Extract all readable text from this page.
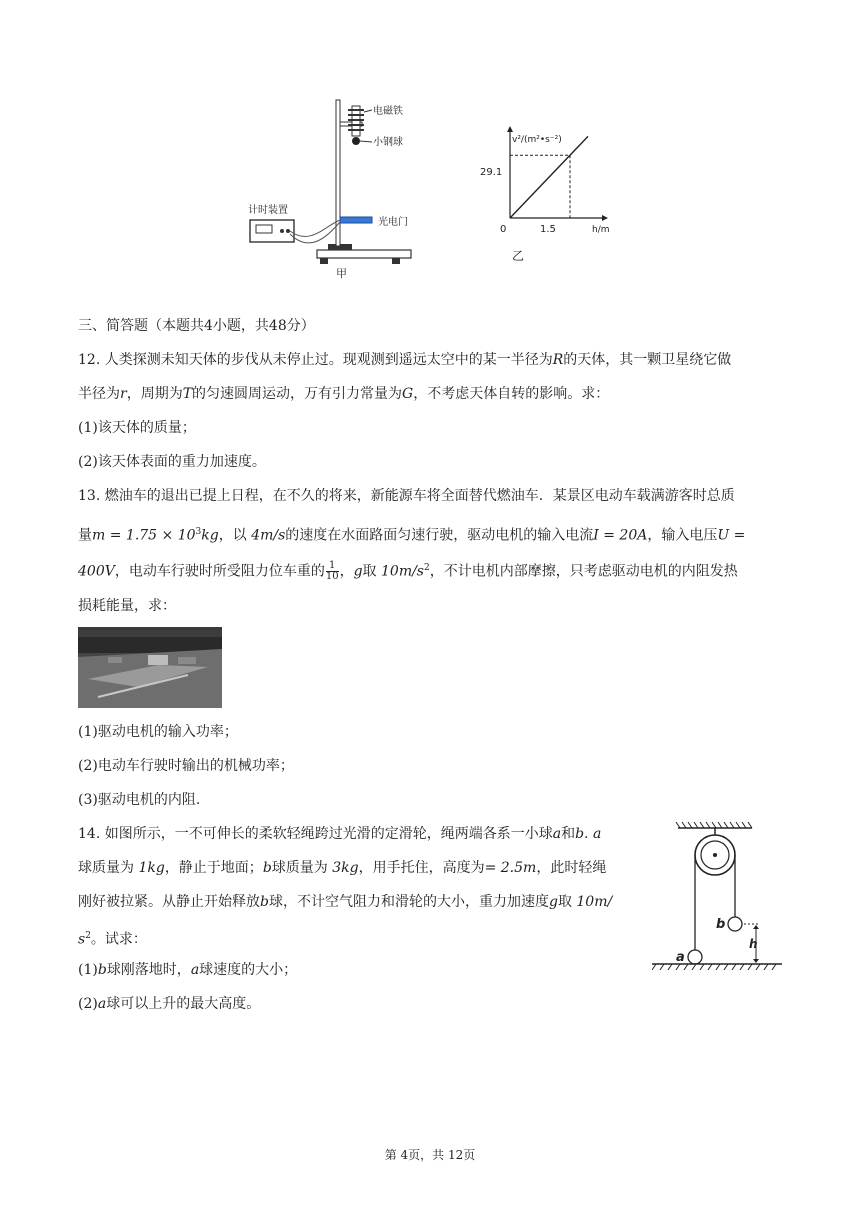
电磁铁
小钢球
光电门
计时装置
甲
v²/(m²•s⁻²)
h/m
0
29.1
1.5
乙
三、简答题（本题共4小题，共48分）
12. 人类探测未知天体的步伐从未停止过。现观测到遥远太空中的某一半径为R的天体，其一颗卫星绕它做
半径为r，周期为T的匀速圆周运动，万有引力常量为G，不考虑天体自转的影响。求：
(1)该天体的质量；
(2)该天体表面的重力加速度。
13. 燃油车的退出已提上日程，在不久的将来，新能源车将全面替代燃油车．某景区电动车载满游客时总质
量$m = 1.75 \times 10^3kg$，以 4m/s的速度在水面路面匀速行驶，驱动电机的输入电流I = 20A，输入电压U =
400V，电动车行驶时所受阻力位车重的 $\frac{1}{10}$ ，g取 $10m/s^2$，不计电机内部摩擦，只考虑驱动电机的内阻发热
损耗能量，求：
(1)驱动电机的输入功率；
(2)电动车行驶时输出的机械功率；
(3)驱动电机的内阻.
14. 如图所示，一不可伸长的柔软轻绳跨过光滑的定滑轮，绳两端各系一小球a和b. a
球质量为 1kg，静止于地面；b球质量为 3kg，用手托住，高度为= 2.5m，此时轻绳
刚好被拉紧。从静止开始释放b球，不计空气阻力和滑轮的大小，重力加速度g取 10m/
$s^2$。试求：
(1)b球刚落地时，a球速度的大小；
(2)a球可以上升的最大高度。
b
a
h
第 4页，共 12页
